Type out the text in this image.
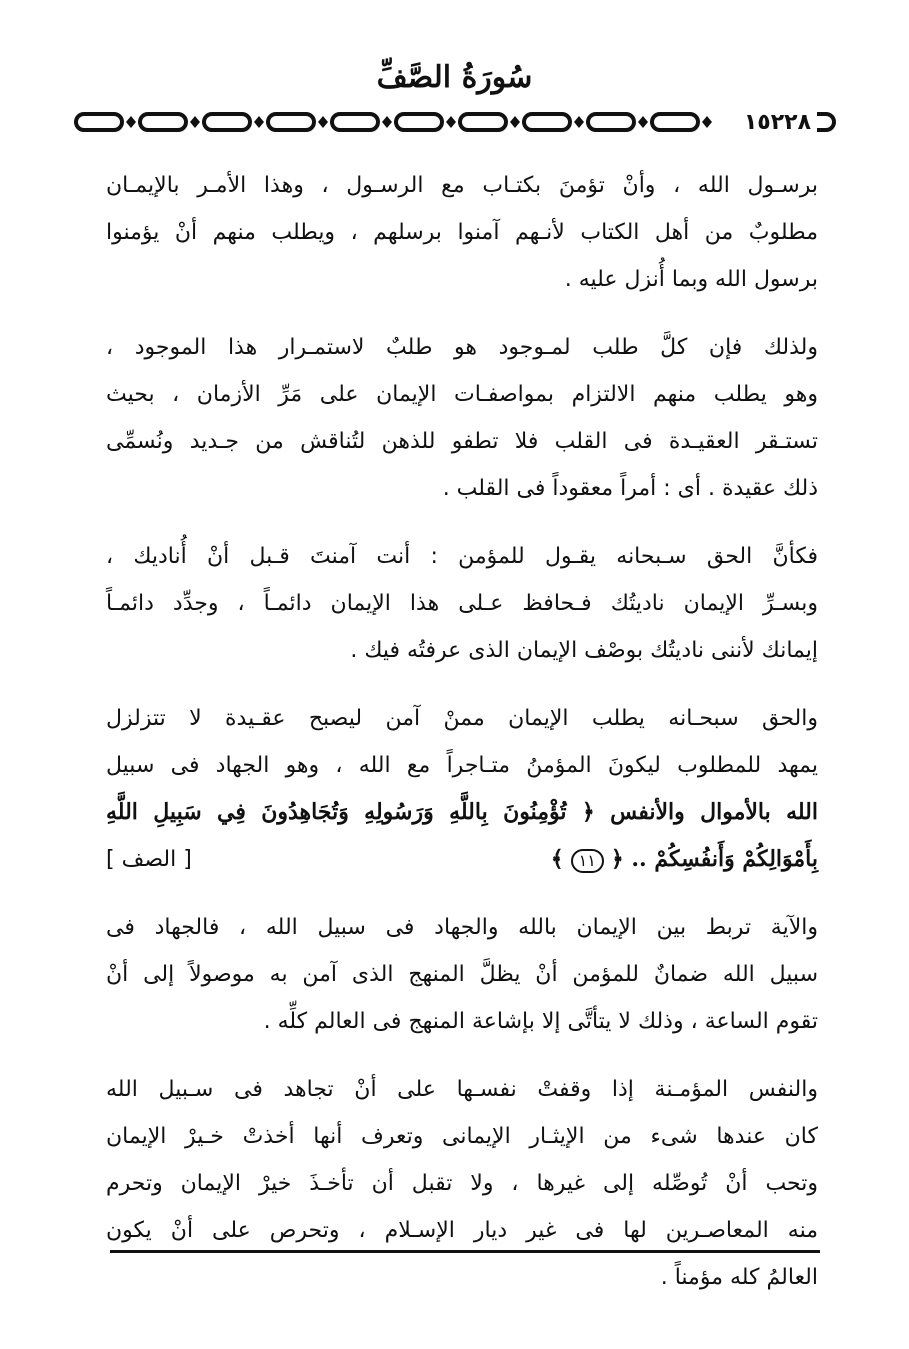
سُورَةُ الصَّفِّ
١٥٢٢٨

برسـول الله ، وأنْ تؤمنَ بكتـاب مع الرسـول ، وهذا الأمـر بالإيمـان
مطلوبٌ من أهل الكتاب لأنـهم آمنوا برسلهم ، ويطلب منهم أنْ يؤمنوا
برسول الله وبما أُنزل عليه .

ولذلك فإن كلَّ طلب لمـوجود هو طلبٌ لاستمـرار هذا الموجود ،
وهو يطلب منهم الالتزام بمواصفـات الإيمان على مَرِّ الأزمان ، بحيث
تستـقر العقيـدة فى القلب فلا تطفو للذهن لتُناقش من جـديد ونُسمِّى
ذلك عقيدة . أى : أمراً معقوداً فى القلب .

فكأنَّ الحق سـبحانه يقـول للمؤمن : أنت آمنتَ قـبل أنْ أُناديك ،
وبسـرِّ الإيمان ناديتُك فـحافظ عـلى هذا الإيمان دائمـاً ، وجدِّد دائمـاً
إيمانك لأننى ناديتُك بوصْف الإيمان الذى عرفتُه فيك .

والحق سبحـانه يطلب الإيمان ممنْ آمن ليصبح عقـيدة لا تتزلزل
يمهد للمطلوب ليكونَ المؤمنُ متـاجراً مع الله ، وهو الجهاد فى سبيل
الله بالأموال والأنفس ﴿ تُؤْمِنُونَ بِاللَّهِ وَرَسُولِهِ وَتُجَاهِدُونَ فِي سَبِيلِ اللَّهِ
بِأَمْوَالِكُمْ وَأَنفُسِكُمْ .. ﴿ ١١ ﴾
[ الصف ]

والآية تربط بين الإيمان بالله والجهاد فى سبيل الله ، فالجهاد فى
سبيل الله ضمانٌ للمؤمن أنْ يظلَّ المنهج الذى آمن به موصولاً إلى أنْ
تقوم الساعة ، وذلك لا يتأتَّى إلا بإشاعة المنهج فى العالم كلِّه .

والنفس المؤمـنة إذا وقفتْ نفسـها على أنْ تجاهد فى سـبيل الله
كان عندها شىء من الإيثـار الإيمانى وتعرف أنها أخذتْ خـيرْ الإيمان
وتحب أنْ تُوصِّله إلى غيرها ، ولا تقبل أن تأخـذَ خيرْ الإيمان وتحرم
منه المعاصـرين لها فى غير ديار الإسـلام ، وتحرص على أنْ يكون
العالمُ كله مؤمناً .
